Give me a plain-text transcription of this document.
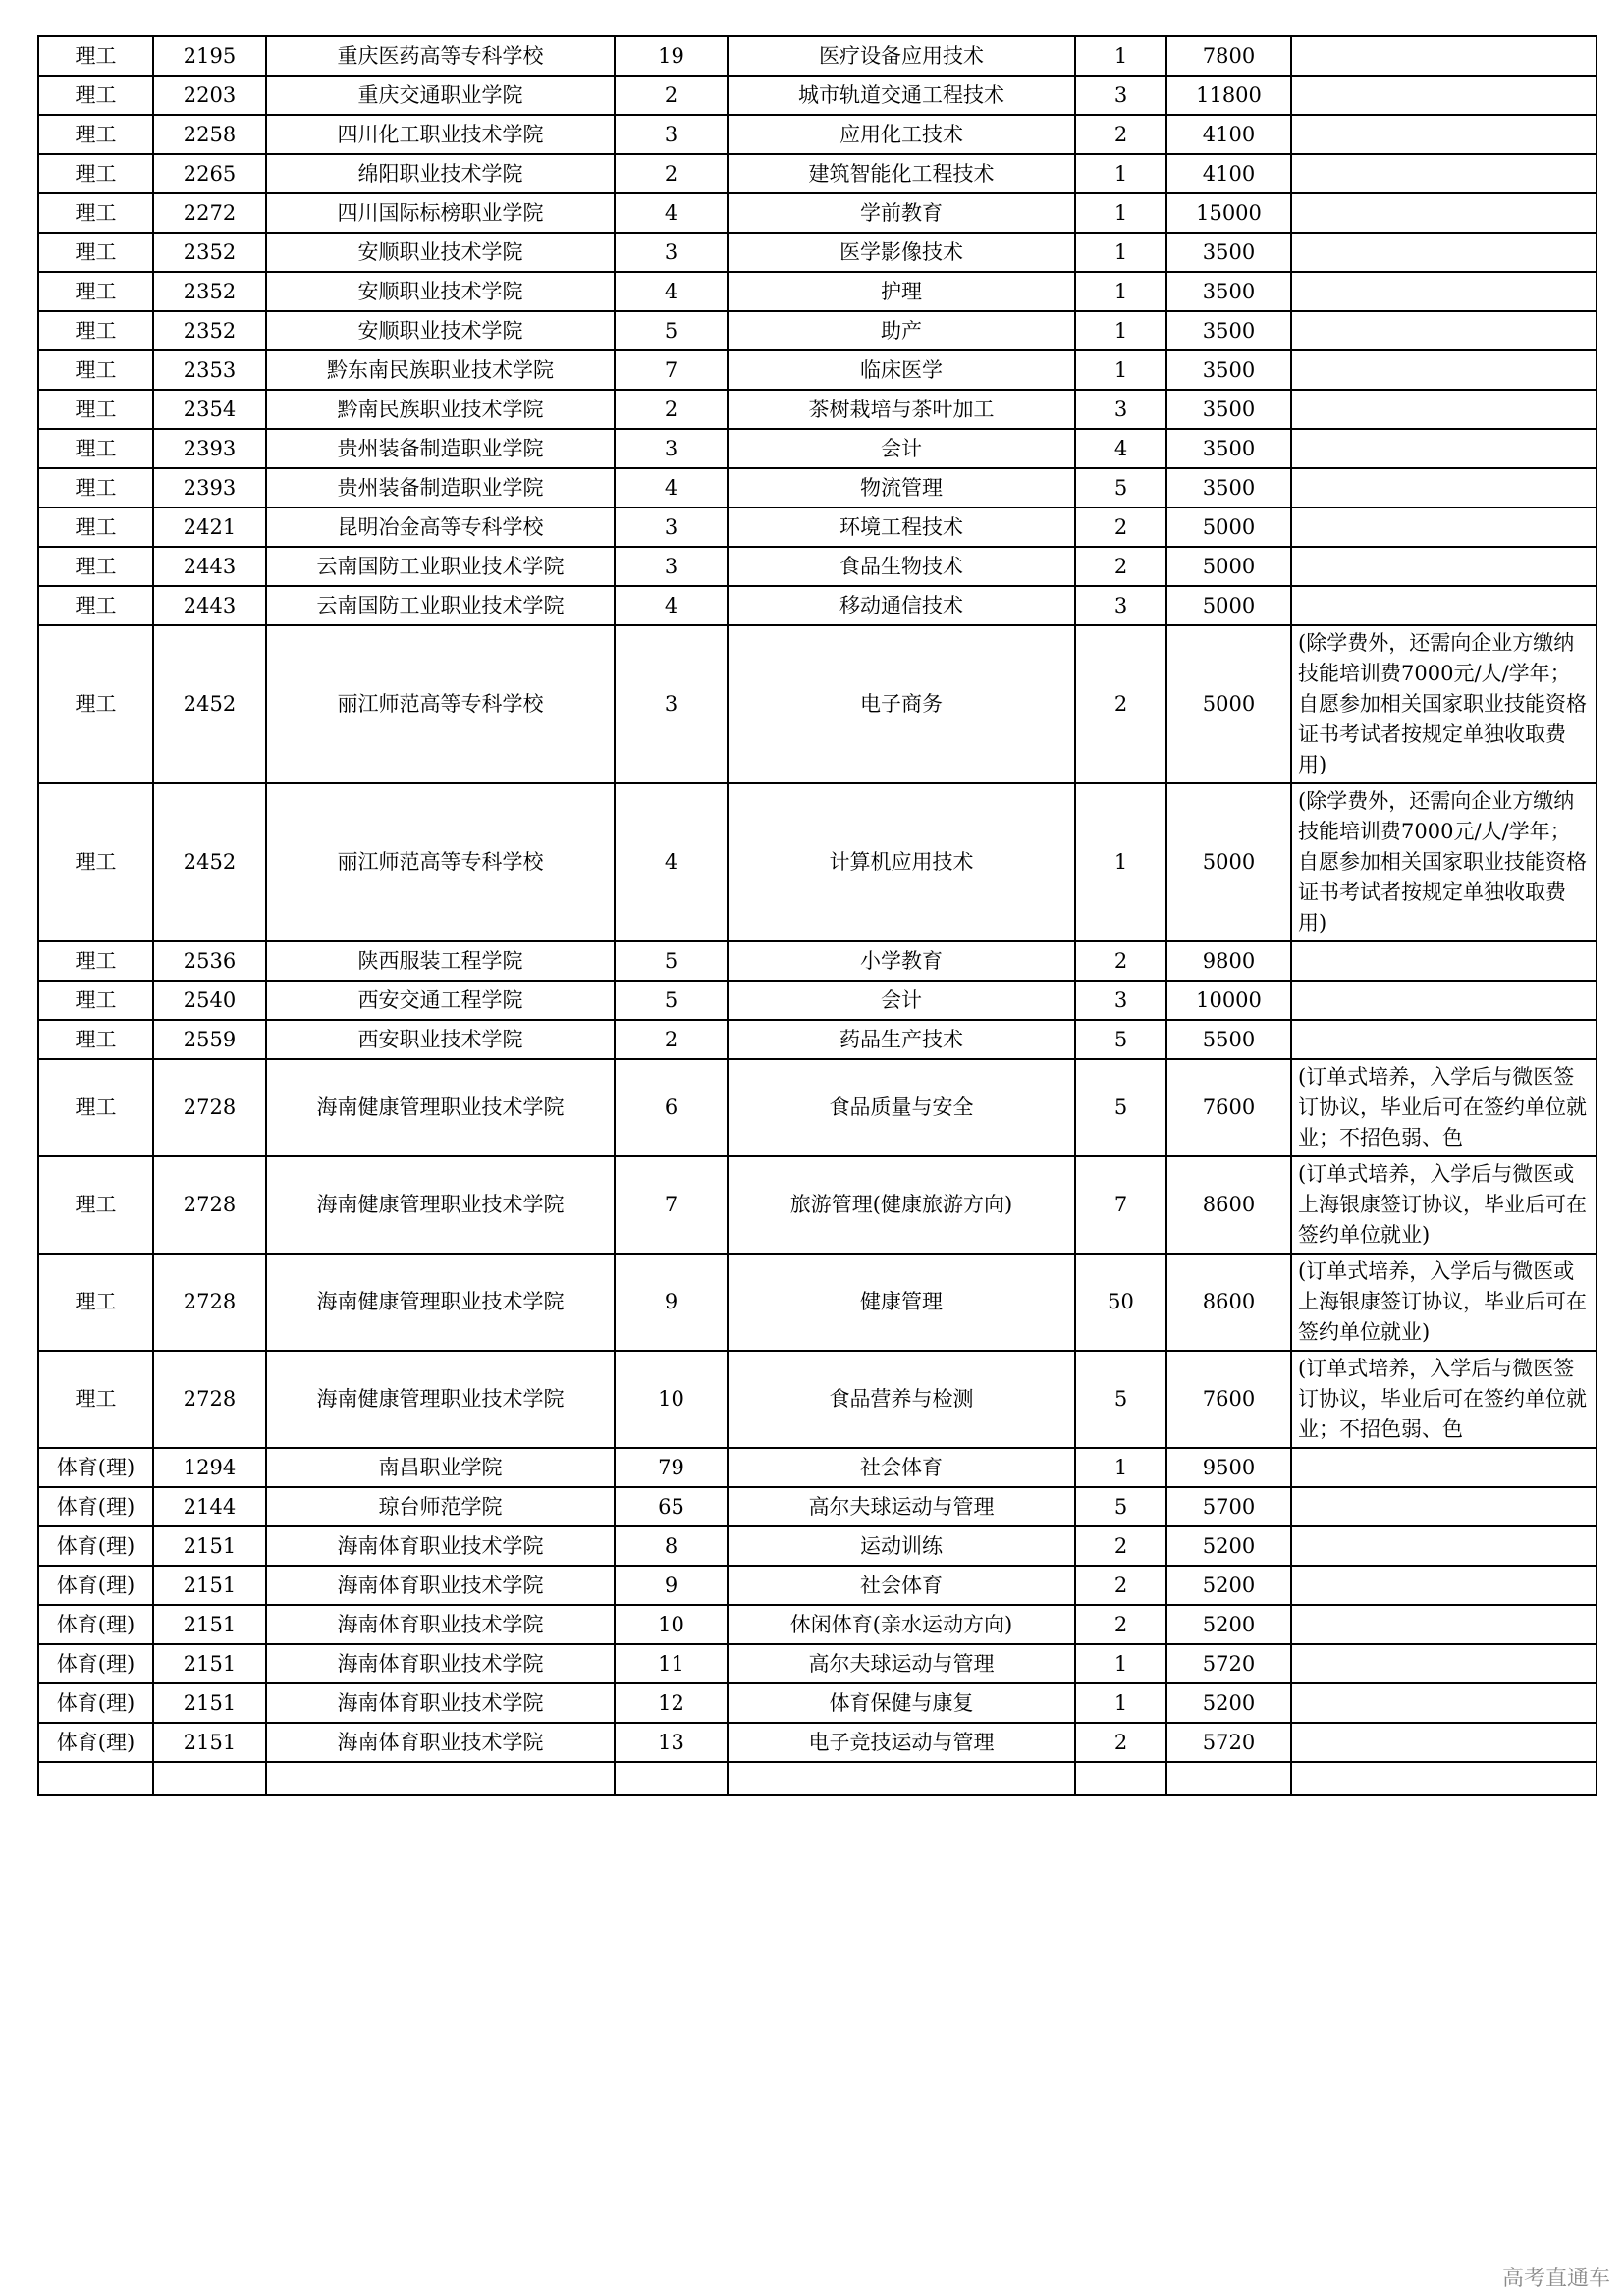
理工	2195	重庆医药高等专科学校	19	医疗设备应用技术	1	7800	
理工	2203	重庆交通职业学院	2	城市轨道交通工程技术	3	11800	
理工	2258	四川化工职业技术学院	3	应用化工技术	2	4100	
理工	2265	绵阳职业技术学院	2	建筑智能化工程技术	1	4100	
理工	2272	四川国际标榜职业学院	4	学前教育	1	15000	
理工	2352	安顺职业技术学院	3	医学影像技术	1	3500	
理工	2352	安顺职业技术学院	4	护理	1	3500	
理工	2352	安顺职业技术学院	5	助产	1	3500	
理工	2353	黔东南民族职业技术学院	7	临床医学	1	3500	
理工	2354	黔南民族职业技术学院	2	茶树栽培与茶叶加工	3	3500	
理工	2393	贵州装备制造职业学院	3	会计	4	3500	
理工	2393	贵州装备制造职业学院	4	物流管理	5	3500	
理工	2421	昆明冶金高等专科学校	3	环境工程技术	2	5000	
理工	2443	云南国防工业职业技术学院	3	食品生物技术	2	5000	
理工	2443	云南国防工业职业技术学院	4	移动通信技术	3	5000	
理工	2452	丽江师范高等专科学校	3	电子商务	2	5000	(除学费外，还需向企业方缴纳技能培训费7000元/人/学年；自愿参加相关国家职业技能资格证书考试者按规定单独收取费用)
理工	2452	丽江师范高等专科学校	4	计算机应用技术	1	5000	(除学费外，还需向企业方缴纳技能培训费7000元/人/学年；自愿参加相关国家职业技能资格证书考试者按规定单独收取费用)
理工	2536	陕西服装工程学院	5	小学教育	2	9800	
理工	2540	西安交通工程学院	5	会计	3	10000	
理工	2559	西安职业技术学院	2	药品生产技术	5	5500	
理工	2728	海南健康管理职业技术学院	6	食品质量与安全	5	7600	(订单式培养，入学后与微医签订协议，毕业后可在签约单位就业；不招色弱、色
理工	2728	海南健康管理职业技术学院	7	旅游管理(健康旅游方向)	7	8600	(订单式培养，入学后与微医或上海银康签订协议，毕业后可在签约单位就业)
理工	2728	海南健康管理职业技术学院	9	健康管理	50	8600	(订单式培养，入学后与微医或上海银康签订协议，毕业后可在签约单位就业)
理工	2728	海南健康管理职业技术学院	10	食品营养与检测	5	7600	(订单式培养，入学后与微医签订协议，毕业后可在签约单位就业；不招色弱、色
体育(理)	1294	南昌职业学院	79	社会体育	1	9500	
体育(理)	2144	琼台师范学院	65	高尔夫球运动与管理	5	5700	
体育(理)	2151	海南体育职业技术学院	8	运动训练	2	5200	
体育(理)	2151	海南体育职业技术学院	9	社会体育	2	5200	
体育(理)	2151	海南体育职业技术学院	10	休闲体育(亲水运动方向)	2	5200	
体育(理)	2151	海南体育职业技术学院	11	高尔夫球运动与管理	1	5720	
体育(理)	2151	海南体育职业技术学院	12	体育保健与康复	1	5200	
体育(理)	2151	海南体育职业技术学院	13	电子竞技运动与管理	2	5720	

高考直通车
